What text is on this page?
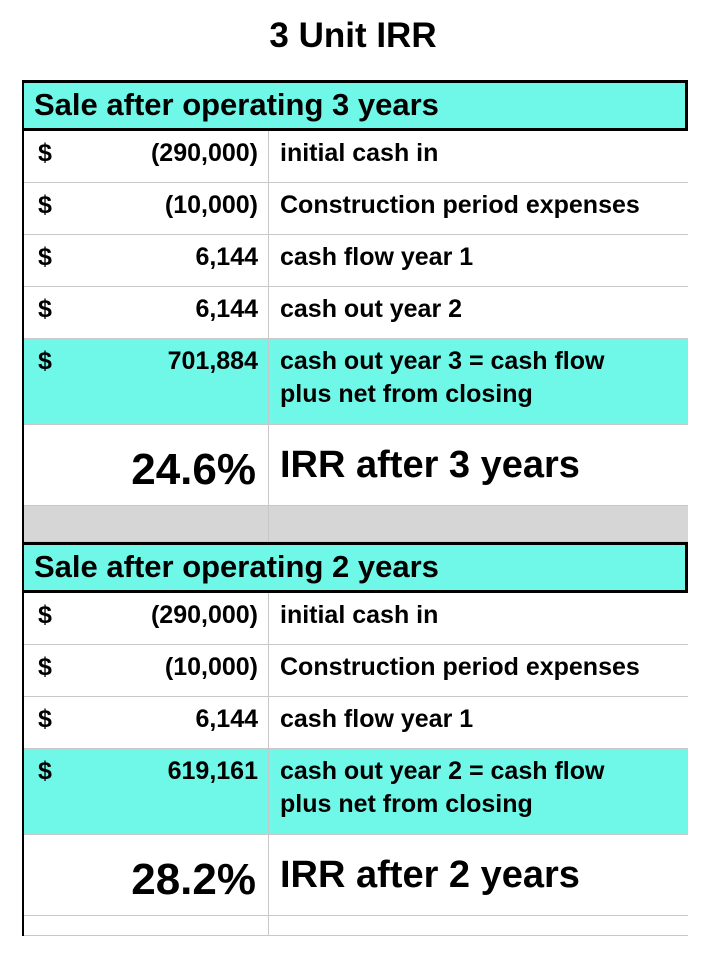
3 Unit IRR
Sale after operating 3 years
$	(290,000) initial cash in
$	(10,000) Construction period expenses
$	6,144 cash flow year 1
$	6,144 cash out year 2
$	701,884 cash out year 3 = cash flow
plus net from closing
24.6% IRR after 3 years
Sale after operating 2 years
$	(290,000) initial cash in
$	(10,000) Construction period expenses
$	6,144 cash flow year 1
$	619,161 cash out year 2 = cash flow
plus net from closing
28.2% IRR after 2 years
